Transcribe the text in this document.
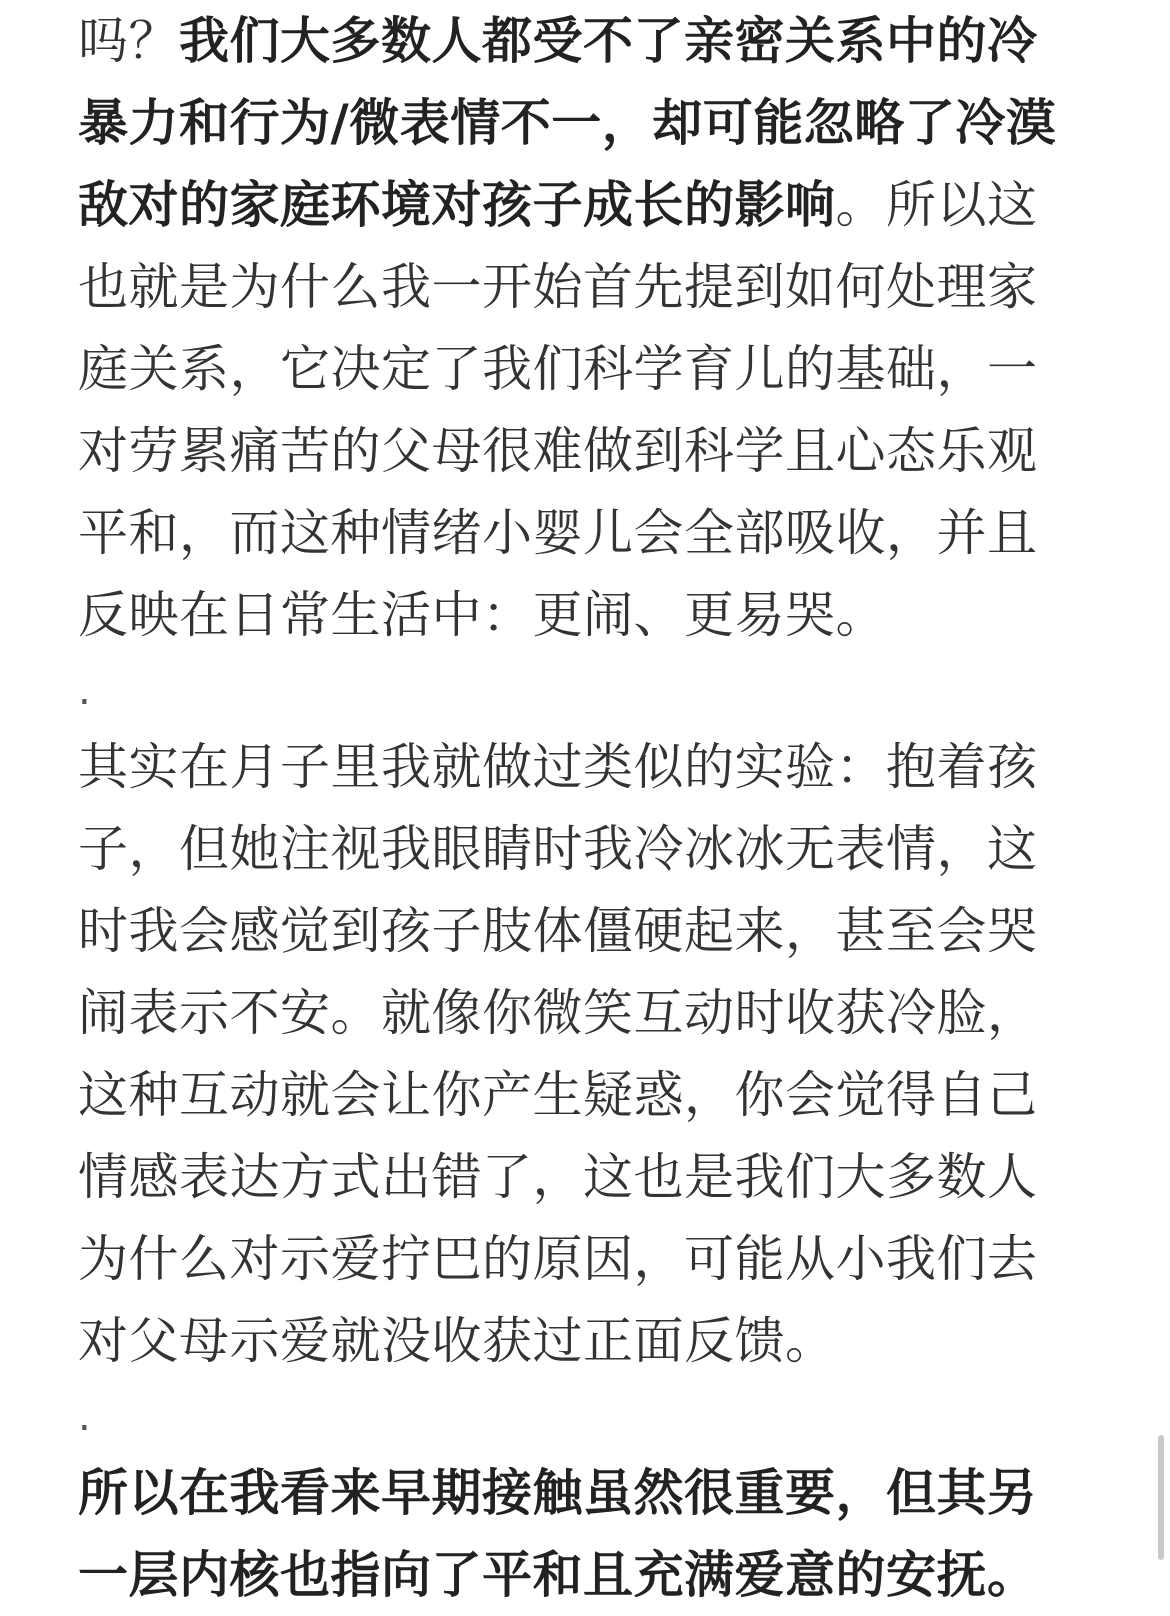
吗？我们大多数人都受不了亲密关系中的冷
暴力和行为/微表情不一，却可能忽略了冷漠
敌对的家庭环境对孩子成长的影响。所以这
也就是为什么我一开始首先提到如何处理家
庭关系，它决定了我们科学育儿的基础，一
对劳累痛苦的父母很难做到科学且心态乐观
平和，而这种情绪小婴儿会全部吸收，并且
反映在日常生活中：更闹、更易哭。
.
其实在月子里我就做过类似的实验：抱着孩
子，但她注视我眼睛时我冷冰冰无表情，这
时我会感觉到孩子肢体僵硬起来，甚至会哭
闹表示不安。就像你微笑互动时收获冷脸，
这种互动就会让你产生疑惑，你会觉得自己
情感表达方式出错了，这也是我们大多数人
为什么对示爱拧巴的原因，可能从小我们去
对父母示爱就没收获过正面反馈。
.
所以在我看来早期接触虽然很重要，但其另
一层内核也指向了平和且充满爱意的安抚。
